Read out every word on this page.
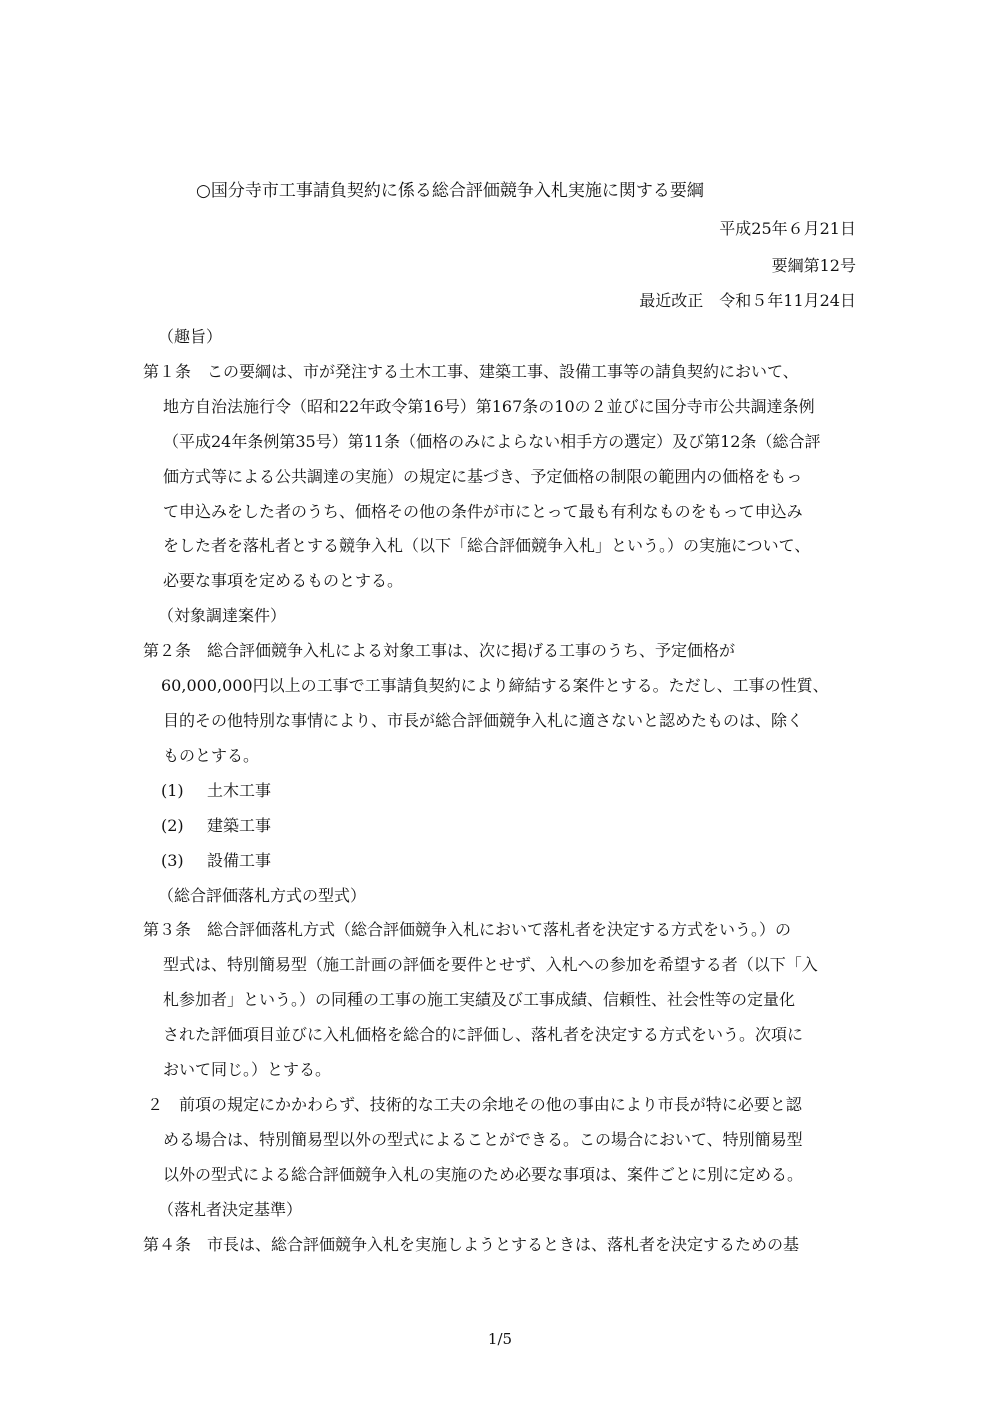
○国分寺市工事請負契約に係る総合評価競争入札実施に関する要綱
平成25年６月21日
要綱第12号
最近改正　令和５年11月24日
（趣旨）
第１条　この要綱は、市が発注する土木工事、建築工事、設備工事等の請負契約において、
地方自治法施行令（昭和22年政令第16号）第167条の10の２並びに国分寺市公共調達条例
（平成24年条例第35号）第11条（価格のみによらない相手方の選定）及び第12条（総合評
価方式等による公共調達の実施）の規定に基づき、予定価格の制限の範囲内の価格をもっ
て申込みをした者のうち、価格その他の条件が市にとって最も有利なものをもって申込み
をした者を落札者とする競争入札（以下「総合評価競争入札」という。）の実施について、
必要な事項を定めるものとする。
（対象調達案件）
第２条　総合評価競争入札による対象工事は、次に掲げる工事のうち、予定価格が
60,000,000円以上の工事で工事請負契約により締結する案件とする。ただし、工事の性質、
目的その他特別な事情により、市長が総合評価競争入札に適さないと認めたものは、除く
ものとする。
(1) 土木工事
(2) 建築工事
(3) 設備工事
（総合評価落札方式の型式）
第３条　総合評価落札方式（総合評価競争入札において落札者を決定する方式をいう。）の
型式は、特別簡易型（施工計画の評価を要件とせず、入札への参加を希望する者（以下「入
札参加者」という。）の同種の工事の施工実績及び工事成績、信頼性、社会性等の定量化
された評価項目並びに入札価格を総合的に評価し、落札者を決定する方式をいう。次項に
おいて同じ。）とする。
２　前項の規定にかかわらず、技術的な工夫の余地その他の事由により市長が特に必要と認
める場合は、特別簡易型以外の型式によることができる。この場合において、特別簡易型
以外の型式による総合評価競争入札の実施のため必要な事項は、案件ごとに別に定める。
（落札者決定基準）
第４条　市長は、総合評価競争入札を実施しようとするときは、落札者を決定するための基
1/5
